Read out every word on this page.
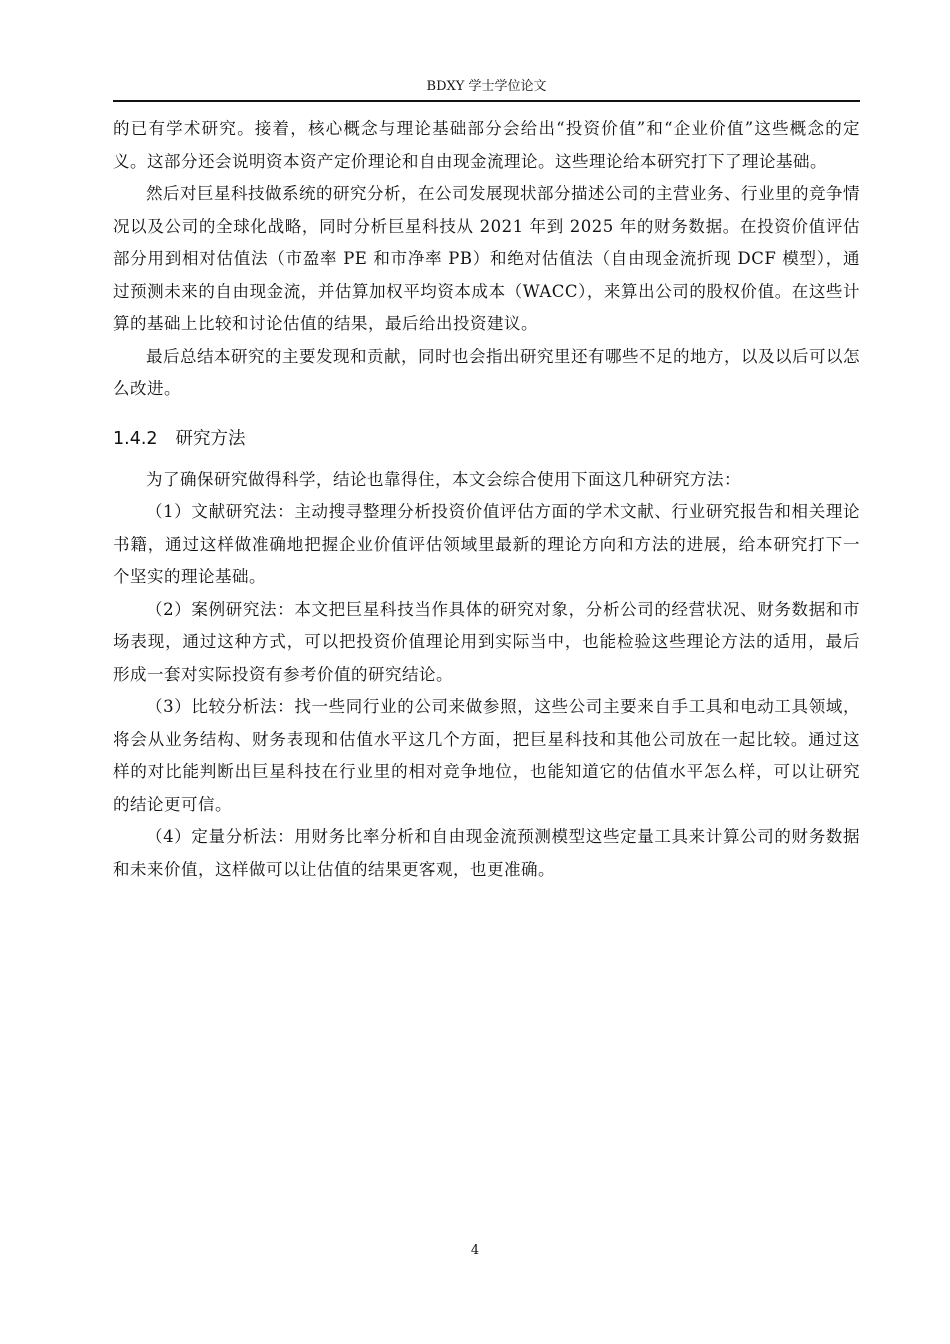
BDXY 学士学位论文

的已有学术研究。接着，核心概念与理论基础部分会给出“投资价值”和“企业价值”这些概念的定义。这部分还会说明资本资产定价理论和自由现金流理论。这些理论给本研究打下了理论基础。

然后对巨星科技做系统的研究分析，在公司发展现状部分描述公司的主营业务、行业里的竞争情况以及公司的全球化战略，同时分析巨星科技从 2021 年到 2025 年的财务数据。在投资价值评估部分用到相对估值法（市盈率 PE 和市净率 PB）和绝对估值法（自由现金流折现 DCF 模型），通过预测未来的自由现金流，并估算加权平均资本成本（WACC），来算出公司的股权价值。在这些计算的基础上比较和讨论估值的结果，最后给出投资建议。

最后总结本研究的主要发现和贡献，同时也会指出研究里还有哪些不足的地方，以及以后可以怎么改进。

1.4.2 研究方法

为了确保研究做得科学，结论也靠得住，本文会综合使用下面这几种研究方法：

（1）文献研究法：主动搜寻整理分析投资价值评估方面的学术文献、行业研究报告和相关理论书籍，通过这样做准确地把握企业价值评估领域里最新的理论方向和方法的进展，给本研究打下一个坚实的理论基础。

（2）案例研究法：本文把巨星科技当作具体的研究对象，分析公司的经营状况、财务数据和市场表现，通过这种方式，可以把投资价值理论用到实际当中，也能检验这些理论方法的适用，最后形成一套对实际投资有参考价值的研究结论。

（3）比较分析法：找一些同行业的公司来做参照，这些公司主要来自手工具和电动工具领域，将会从业务结构、财务表现和估值水平这几个方面，把巨星科技和其他公司放在一起比较。通过这样的对比能判断出巨星科技在行业里的相对竞争地位，也能知道它的估值水平怎么样，可以让研究的结论更可信。

（4）定量分析法：用财务比率分析和自由现金流预测模型这些定量工具来计算公司的财务数据和未来价值，这样做可以让估值的结果更客观，也更准确。

4
